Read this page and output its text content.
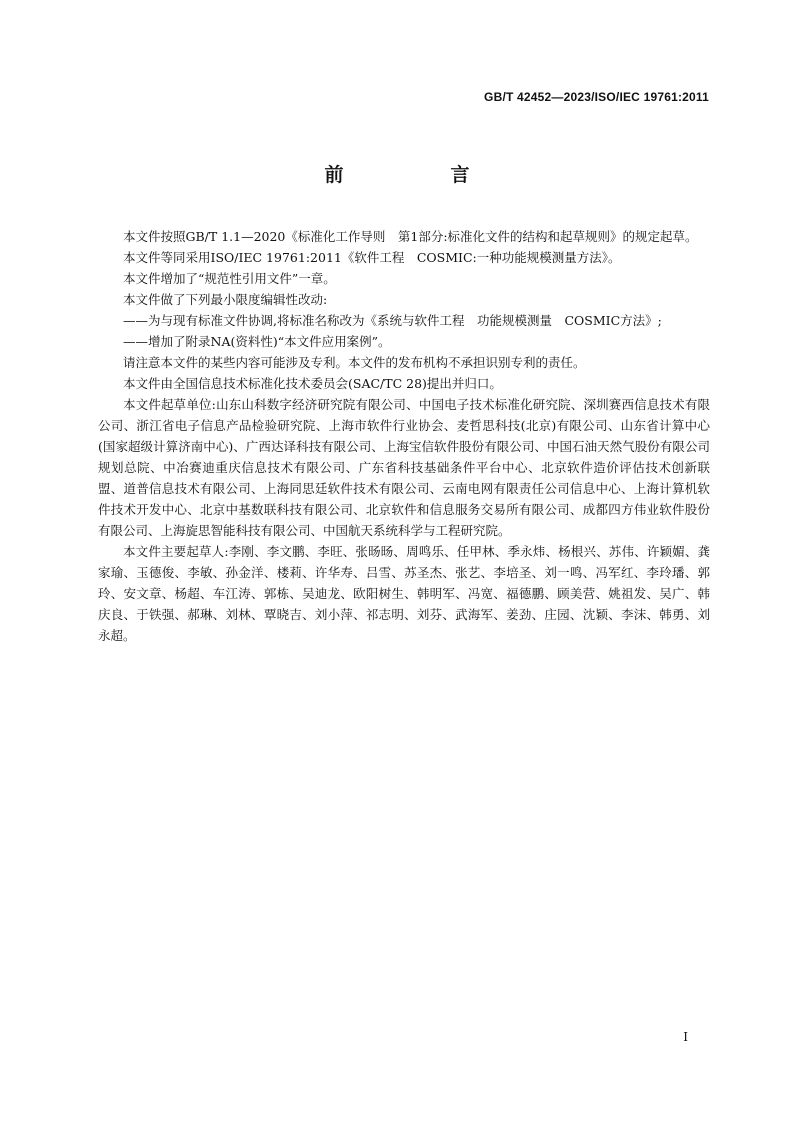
GB/T 42452—2023/ISO/IEC 19761:2011
前　言

本文件按照GB/T 1.1—2020《标准化工作导则　第1部分:标准化文件的结构和起草规则》的规定起草。

本文件等同采用ISO/IEC 19761:2011《软件工程　COSMIC:一种功能规模测量方法》。

本文件增加了“规范性引用文件”一章。

本文件做了下列最小限度编辑性改动:

——为与现有标准文件协调,将标准名称改为《系统与软件工程　功能规模测量　COSMIC方法》;

——增加了附录NA(资料性)“本文件应用案例”。

请注意本文件的某些内容可能涉及专利。本文件的发布机构不承担识别专利的责任。

本文件由全国信息技术标准化技术委员会(SAC/TC 28)提出并归口。

本文件起草单位:山东山科数字经济研究院有限公司、中国电子技术标准化研究院、深圳赛西信息技术有限公司、浙江省电子信息产品检验研究院、上海市软件行业协会、麦哲思科技(北京)有限公司、山东省计算中心(国家超级计算济南中心)、广西达译科技有限公司、上海宝信软件股份有限公司、中国石油天然气股份有限公司规划总院、中冶赛迪重庆信息技术有限公司、广东省科技基础条件平台中心、北京软件造价评估技术创新联盟、道普信息技术有限公司、上海同思廷软件技术有限公司、云南电网有限责任公司信息中心、上海计算机软件技术开发中心、北京中基数联科技有限公司、北京软件和信息服务交易所有限公司、成都四方伟业软件股份有限公司、上海旋思智能科技有限公司、中国航天系统科学与工程研究院。

本文件主要起草人:李刚、李文鹏、李旺、张旸旸、周鸣乐、任甲林、季永炜、杨根兴、苏伟、许颖媚、龚家瑜、玉德俊、李敏、孙金洋、楼莉、许华寿、吕雪、苏圣杰、张艺、李培圣、刘一鸣、冯军红、李玲璠、郭玲、安文章、杨超、车江涛、郭栋、吴迪龙、欧阳树生、韩明军、冯宽、福德鹏、顾美营、姚祖发、吴广、韩庆良、于铁强、郝琳、刘林、覃晓吉、刘小萍、祁志明、刘芬、武海军、姜劲、庄园、沈颖、李沫、韩勇、刘永超。

I
